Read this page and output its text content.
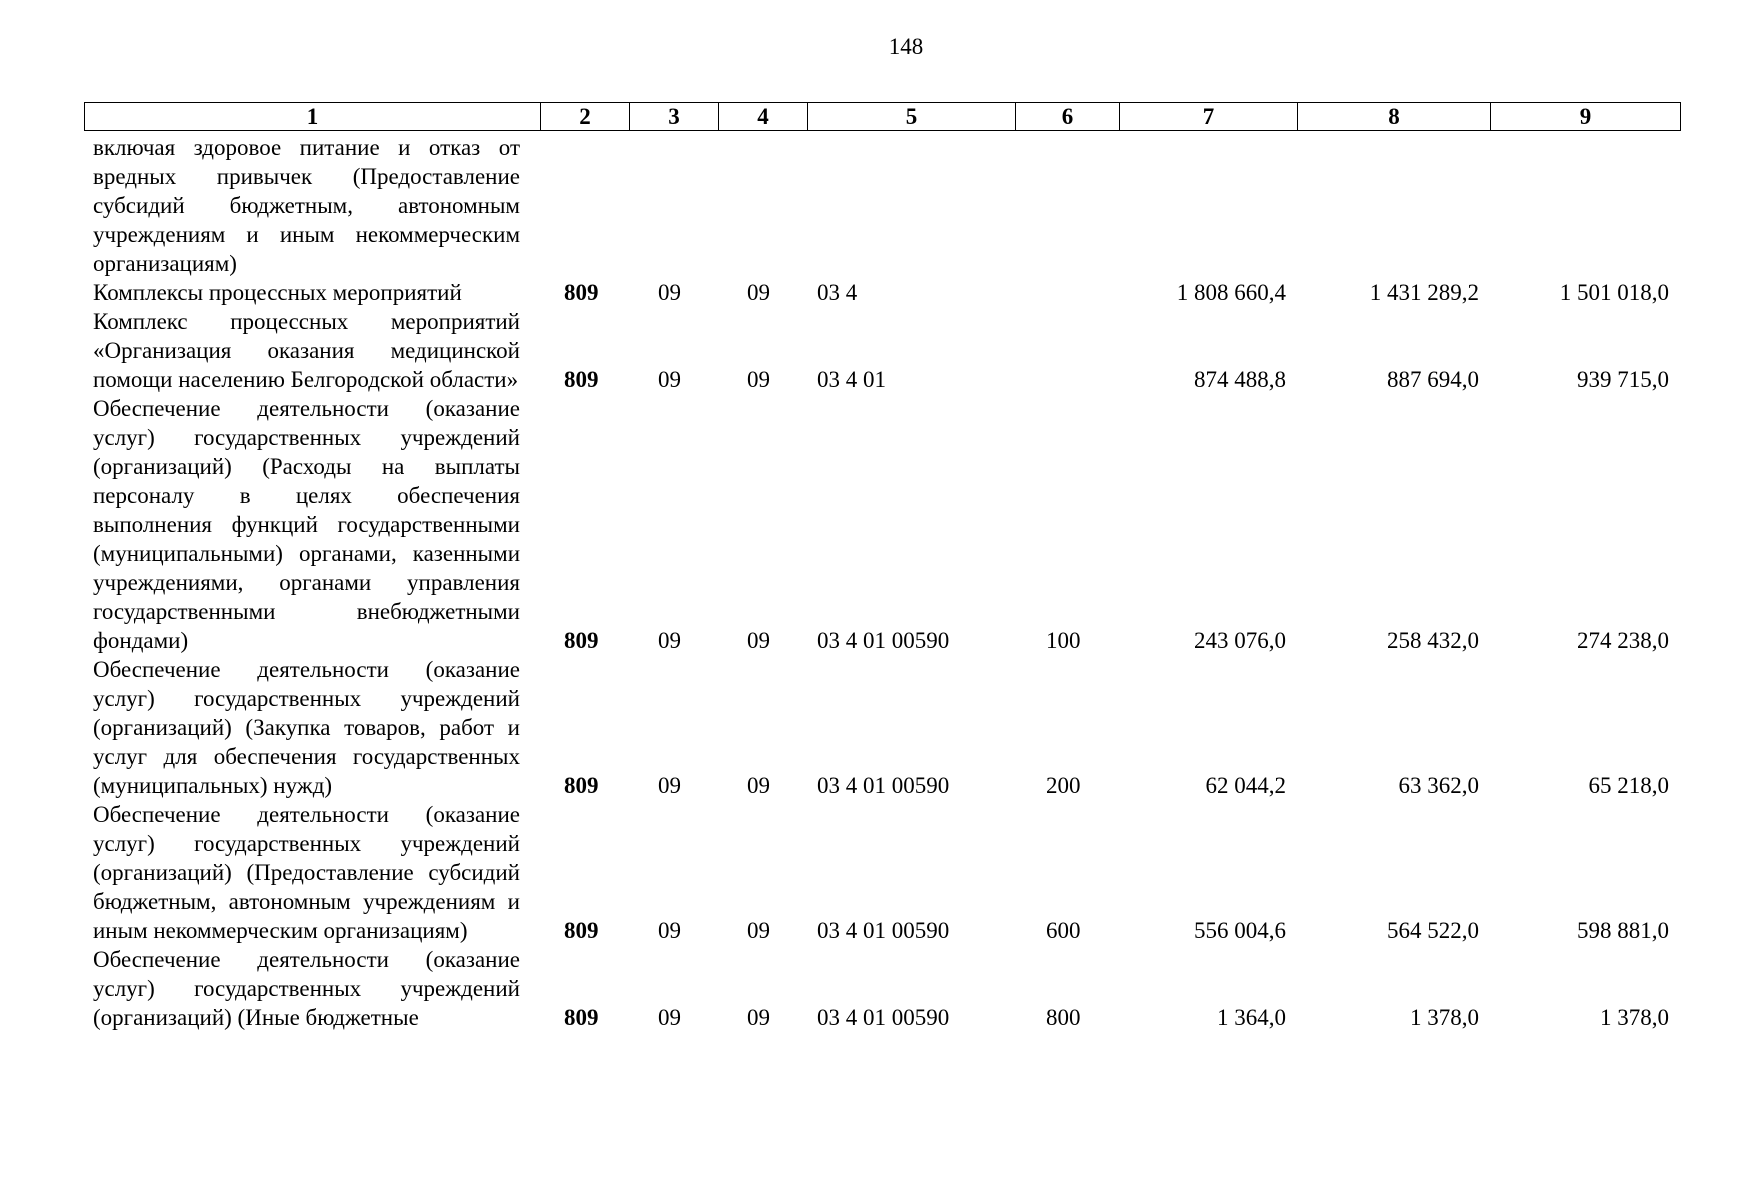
148
1	2	3	4	5	6	7	8	9
включая здоровое питание и отказ от вредных привычек (Предоставление субсидий бюджетным, автономным учреждениям и иным некоммерческим организациям)								
Комплексы процессных мероприятий	809	09	09	03 4		1 808 660,4	1 431 289,2	1 501 018,0
Комплекс процессных мероприятий «Организация оказания медицинской помощи населению Белгородской области»	809	09	09	03 4 01		874 488,8	887 694,0	939 715,0
Обеспечение деятельности (оказание услуг) государственных учреждений (организаций) (Расходы на выплаты персоналу в целях обеспечения выполнения функций государственными (муниципальными) органами, казенными учреждениями, органами управления государственными внебюджетными фондами)	809	09	09	03 4 01 00590	100	243 076,0	258 432,0	274 238,0
Обеспечение деятельности (оказание услуг) государственных учреждений (организаций) (Закупка товаров, работ и услуг для обеспечения государственных (муниципальных) нужд)	809	09	09	03 4 01 00590	200	62 044,2	63 362,0	65 218,0
Обеспечение деятельности (оказание услуг) государственных учреждений (организаций) (Предоставление субсидий бюджетным, автономным учреждениям и иным некоммерческим организациям)	809	09	09	03 4 01 00590	600	556 004,6	564 522,0	598 881,0
Обеспечение деятельности (оказание услуг) государственных учреждений (организаций) (Иные бюджетные	809	09	09	03 4 01 00590	800	1 364,0	1 378,0	1 378,0
